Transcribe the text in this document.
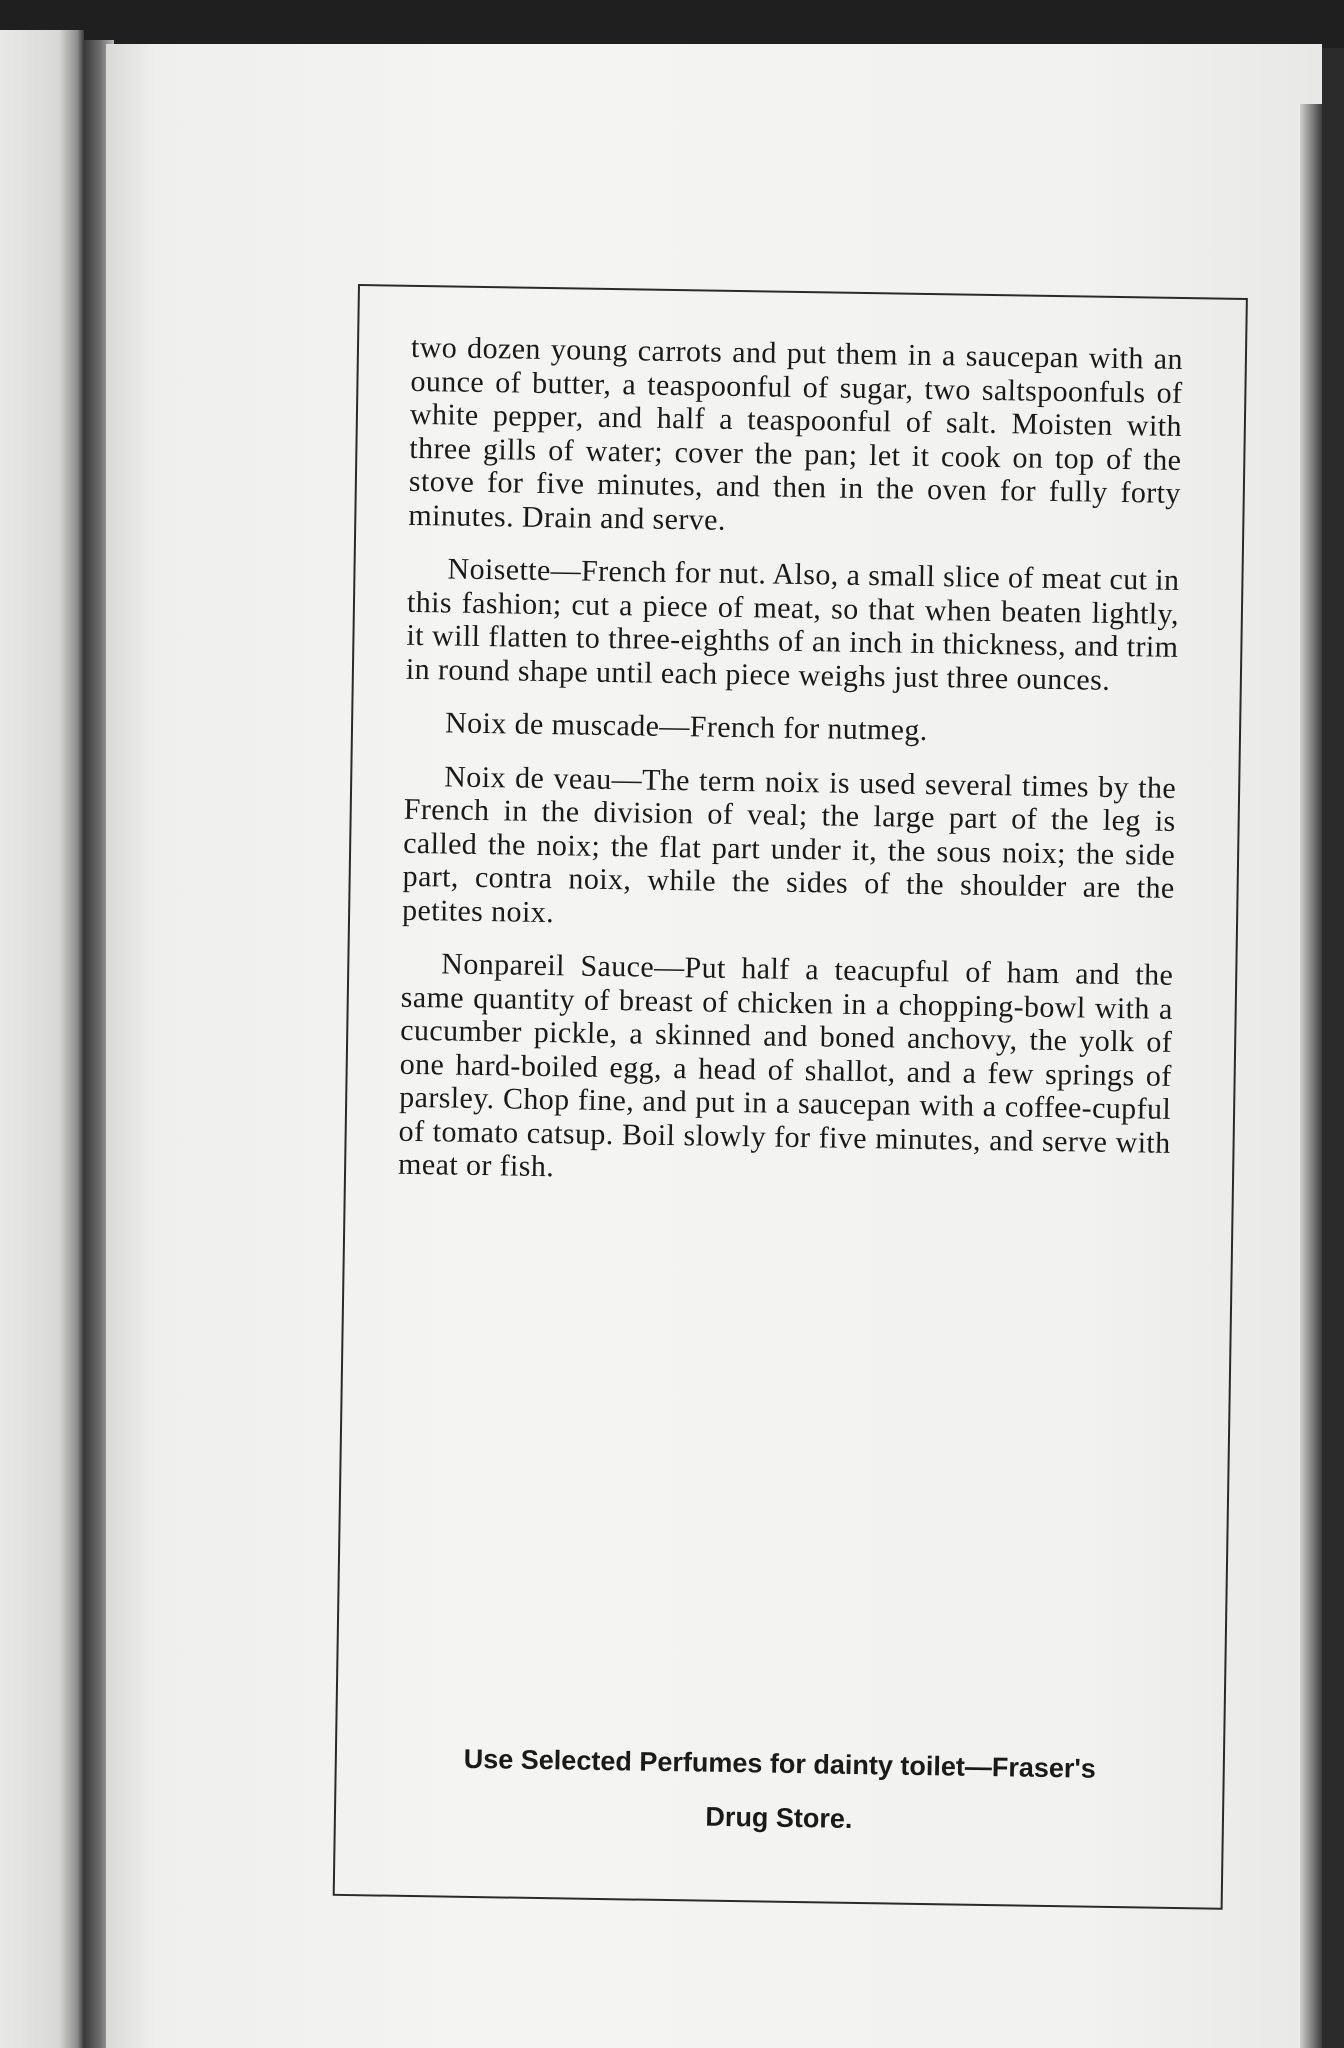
two dozen young carrots and put them in a saucepan with an ounce of butter, a teaspoonful of sugar, two saltspoonfuls of white pepper, and half a teaspoonful of salt. Moisten with three gills of water; cover the pan; let it cook on top of the stove for five minutes, and then in the oven for fully forty minutes. Drain and serve.

Noisette—French for nut. Also, a small slice of meat cut in this fashion; cut a piece of meat, so that when beaten lightly, it will flatten to three-eighths of an inch in thickness, and trim in round shape until each piece weighs just three ounces.

Noix de muscade—French for nutmeg.

Noix de veau—The term noix is used several times by the French in the division of veal; the large part of the leg is called the noix; the flat part under it, the sous noix; the side part, contra noix, while the sides of the shoulder are the petites noix.

Nonpareil Sauce—Put half a teacupful of ham and the same quantity of breast of chicken in a chopping-bowl with a cucumber pickle, a skinned and boned anchovy, the yolk of one hard-boiled egg, a head of shallot, and a few springs of parsley. Chop fine, and put in a saucepan with a coffee-cupful of tomato catsup. Boil slowly for five minutes, and serve with meat or fish.

Use Selected Perfumes for dainty toilet—Fraser's
Drug Store.
